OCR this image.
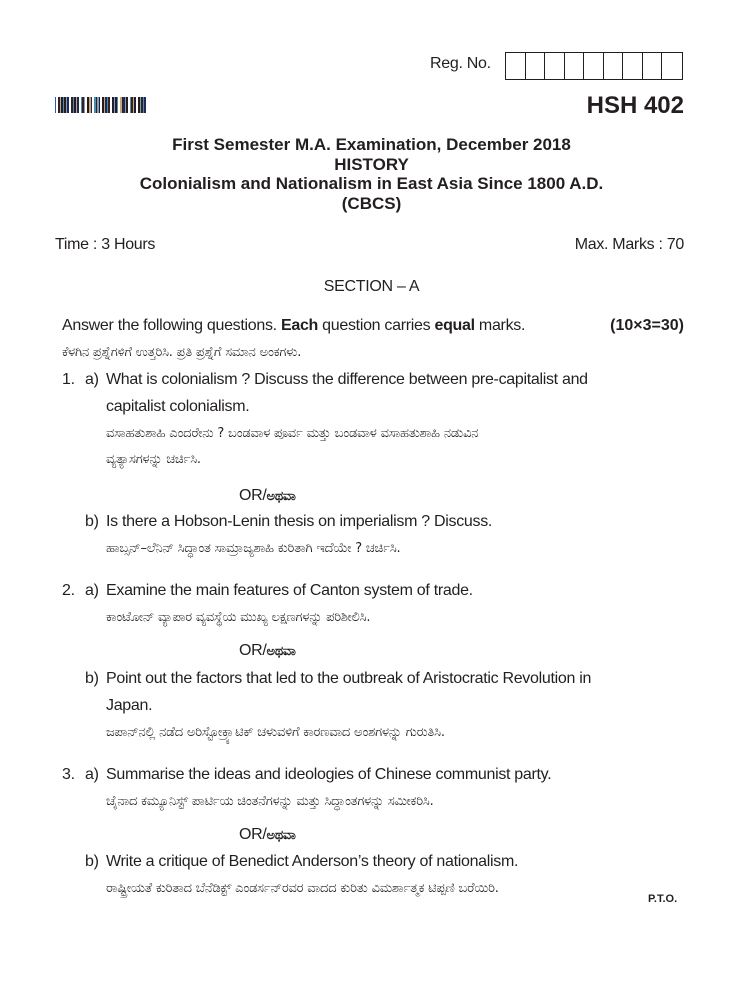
Reg. No.
HSH 402
First Semester M.A. Examination, December 2018
HISTORY
Colonialism and Nationalism in East Asia Since 1800 A.D.
(CBCS)
Time : 3 Hours	Max. Marks : 70
SECTION – A
Answer the following questions. Each question carries equal marks.	(10×3=30)
ಕೆಳಗಿನ ಪ್ರಶ್ನೆಗಳಿಗೆ ಉತ್ತರಿಸಿ. ಪ್ರತಿ ಪ್ರಶ್ನೆಗೆ ಸಮಾನ ಅಂಕಗಳು.
1. a) What is colonialism ? Discuss the difference between pre-capitalist and
capitalist colonialism.
ವಸಾಹತುಶಾಹಿ ಎಂದರೇನು ? ಬಂಡವಾಳ ಪೂರ್ವ ಮತ್ತು ಬಂಡವಾಳ ವಸಾಹತುಶಾಹಿ ನಡುವಿನ
ವ್ಯತ್ಯಾಸಗಳನ್ನು ಚರ್ಚಿಸಿ.
OR/ಅಥವಾ
b) Is there a Hobson-Lenin thesis on imperialism ? Discuss.
ಹಾಬ್ಸನ್–ಲೆನಿನ್ ಸಿದ್ಧಾಂತ ಸಾಮ್ರಾಜ್ಯಶಾಹಿ ಕುರಿತಾಗಿ ಇದೆಯೇ ? ಚರ್ಚಿಸಿ.
2. a) Examine the main features of Canton system of trade.
ಕಾಂಟೋನ್ ವ್ಯಾಪಾರ ವ್ಯವಸ್ಥೆಯ ಮುಖ್ಯ ಲಕ್ಷಣಗಳನ್ನು ಪರಿಶೀಲಿಸಿ.
OR/ಅಥವಾ
b) Point out the factors that led to the outbreak of Aristocratic Revolution in
Japan.
ಜಪಾನ್‌ನಲ್ಲಿ ನಡೆದ ಅರಿಸ್ಟೋಕ್ರ್ಯಾಟಿಕ್ ಚಳುವಳಿಗೆ ಕಾರಣವಾದ ಅಂಶಗಳನ್ನು ಗುರುತಿಸಿ.
3. a) Summarise the ideas and ideologies of Chinese communist party.
ಚೈನಾದ ಕಮ್ಯೂನಿಸ್ಟ್ ಪಾರ್ಟಿಯ ಚಿಂತನೆಗಳನ್ನು ಮತ್ತು ಸಿದ್ಧಾಂತಗಳನ್ನು ಸಮೀಕರಿಸಿ.
OR/ಅಥವಾ
b) Write a critique of Benedict Anderson’s theory of nationalism.
ರಾಷ್ಟ್ರೀಯತೆ ಕುರಿತಾದ ಬೆನೆಡಿಕ್ಟ್ ಎಂಡರ್ಸನ್‌ರವರ ವಾದದ ಕುರಿತು ವಿಮರ್ಶಾತ್ಮಕ ಟಿಪ್ಪಣಿ ಬರೆಯಿರಿ.
P.T.O.
